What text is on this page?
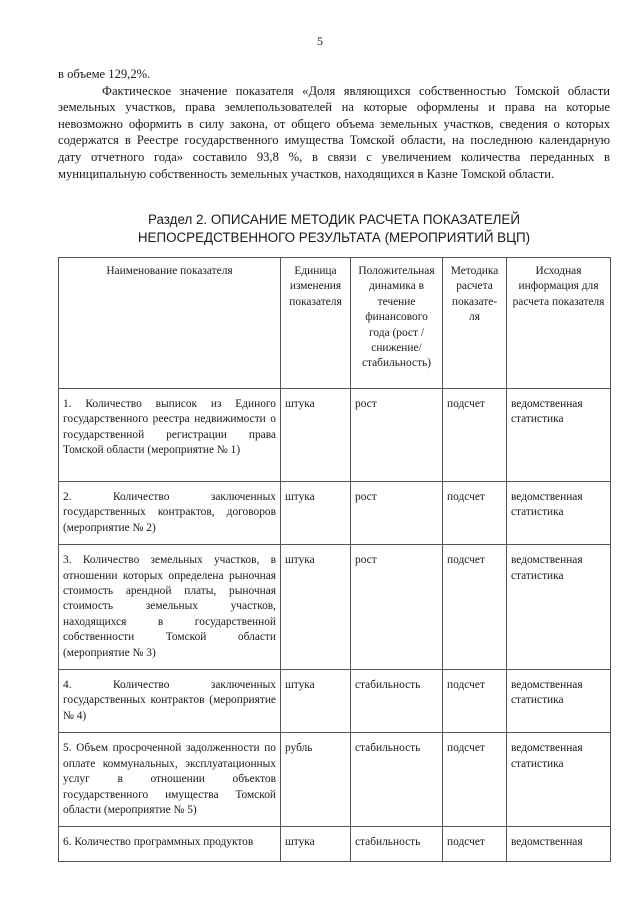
5

в объеме 129,2%.

Фактическое значение показателя «Доля являющихся собственностью Томской области земельных участков, права землепользователей на которые оформлены и права на которые невозможно оформить в силу закона, от общего объема земельных участков, сведения о которых содержатся в Реестре государственного имущества Томской области, на последнюю календарную дату отчетного года» составило 93,8 %, в связи с увеличением количества переданных в муниципальную собственность земельных участков, находящихся в Казне Томской области.

Раздел 2. ОПИСАНИЕ МЕТОДИК РАСЧЕТА ПОКАЗАТЕЛЕЙ
НЕПОСРЕДСТВЕННОГО РЕЗУЛЬТАТА (МЕРОПРИЯТИЙ ВЦП)
Наименование показателя	Единица изменения показателя	Положительная динамика в течение финансового года (рост /снижение/ стабильность)	Методика расчета показате-ля	Исходная информация для расчета показателя
1. Количество выписок из Единого государственного реестра недвижимости о государственной регистрации права Томской области (мероприятие № 1)	штука	рост	подсчет	ведомственная статистика
2. Количество заключенных государственных контрактов, договоров (мероприятие № 2)	штука	рост	подсчет	ведомственная статистика
3. Количество земельных участков, в отношении которых определена рыночная стоимость арендной платы, рыночная стоимость земельных участков, находящихся в государственной собственности Томской области (мероприятие № 3)	штука	рост	подсчет	ведомственная статистика
4. Количество заключенных государственных контрактов (мероприятие № 4)	штука	стабильность	подсчет	ведомственная статистика
5. Объем просроченной задолженности по оплате коммунальных, эксплуатационных услуг в отношении объектов государственного имущества Томской области (мероприятие № 5)	рубль	стабильность	подсчет	ведомственная статистика
6. Количество программных продуктов	штука	стабильность	подсчет	ведомственная
